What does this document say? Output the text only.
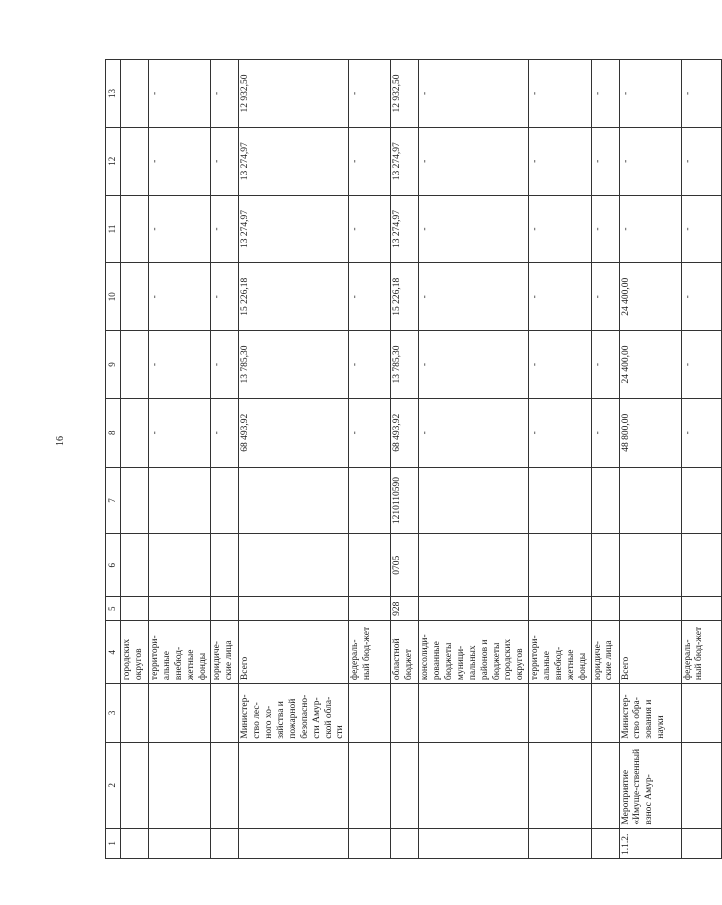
16
1	2	3	4	5	6	7	8	9	10	11	12	13
			городских округов									
			территори-альные внебюд-жетные фонды				-	-	-	-	-	-
			юридиче-ские лица				-	-	-	-	-	-
		Министер-ство лес-ного хо-зяйства и пожарной безопасно-сти Амур-ской обла-сти	Всего				68 493,92	13 785,30	15 226,18	13 274,97	13 274,97	12 932,50
			федераль-ный бюд-жет				-	-	-	-	-	-
			областной бюджет	928	0705	1210110590	68 493,92	13 785,30	15 226,18	13 274,97	13 274,97	12 932,50
			консолиди-рованные бюджеты муници-пальных районов и бюджеты городских округов				-	-	-	-	-	-
			территори-альные внебюд-жетные фонды				-	-	-	-	-	-
			юридиче-ские лица				-	-	-	-	-	-
1.1.2.	Мероприятие «Имуще-ственный взнос Амур-	Министер-ство обра-зования и науки	Всего				48 800,00	24 400,00	24 400,00	-	-	-
			федераль-ный бюд-жет				-	-	-	-	-	-
